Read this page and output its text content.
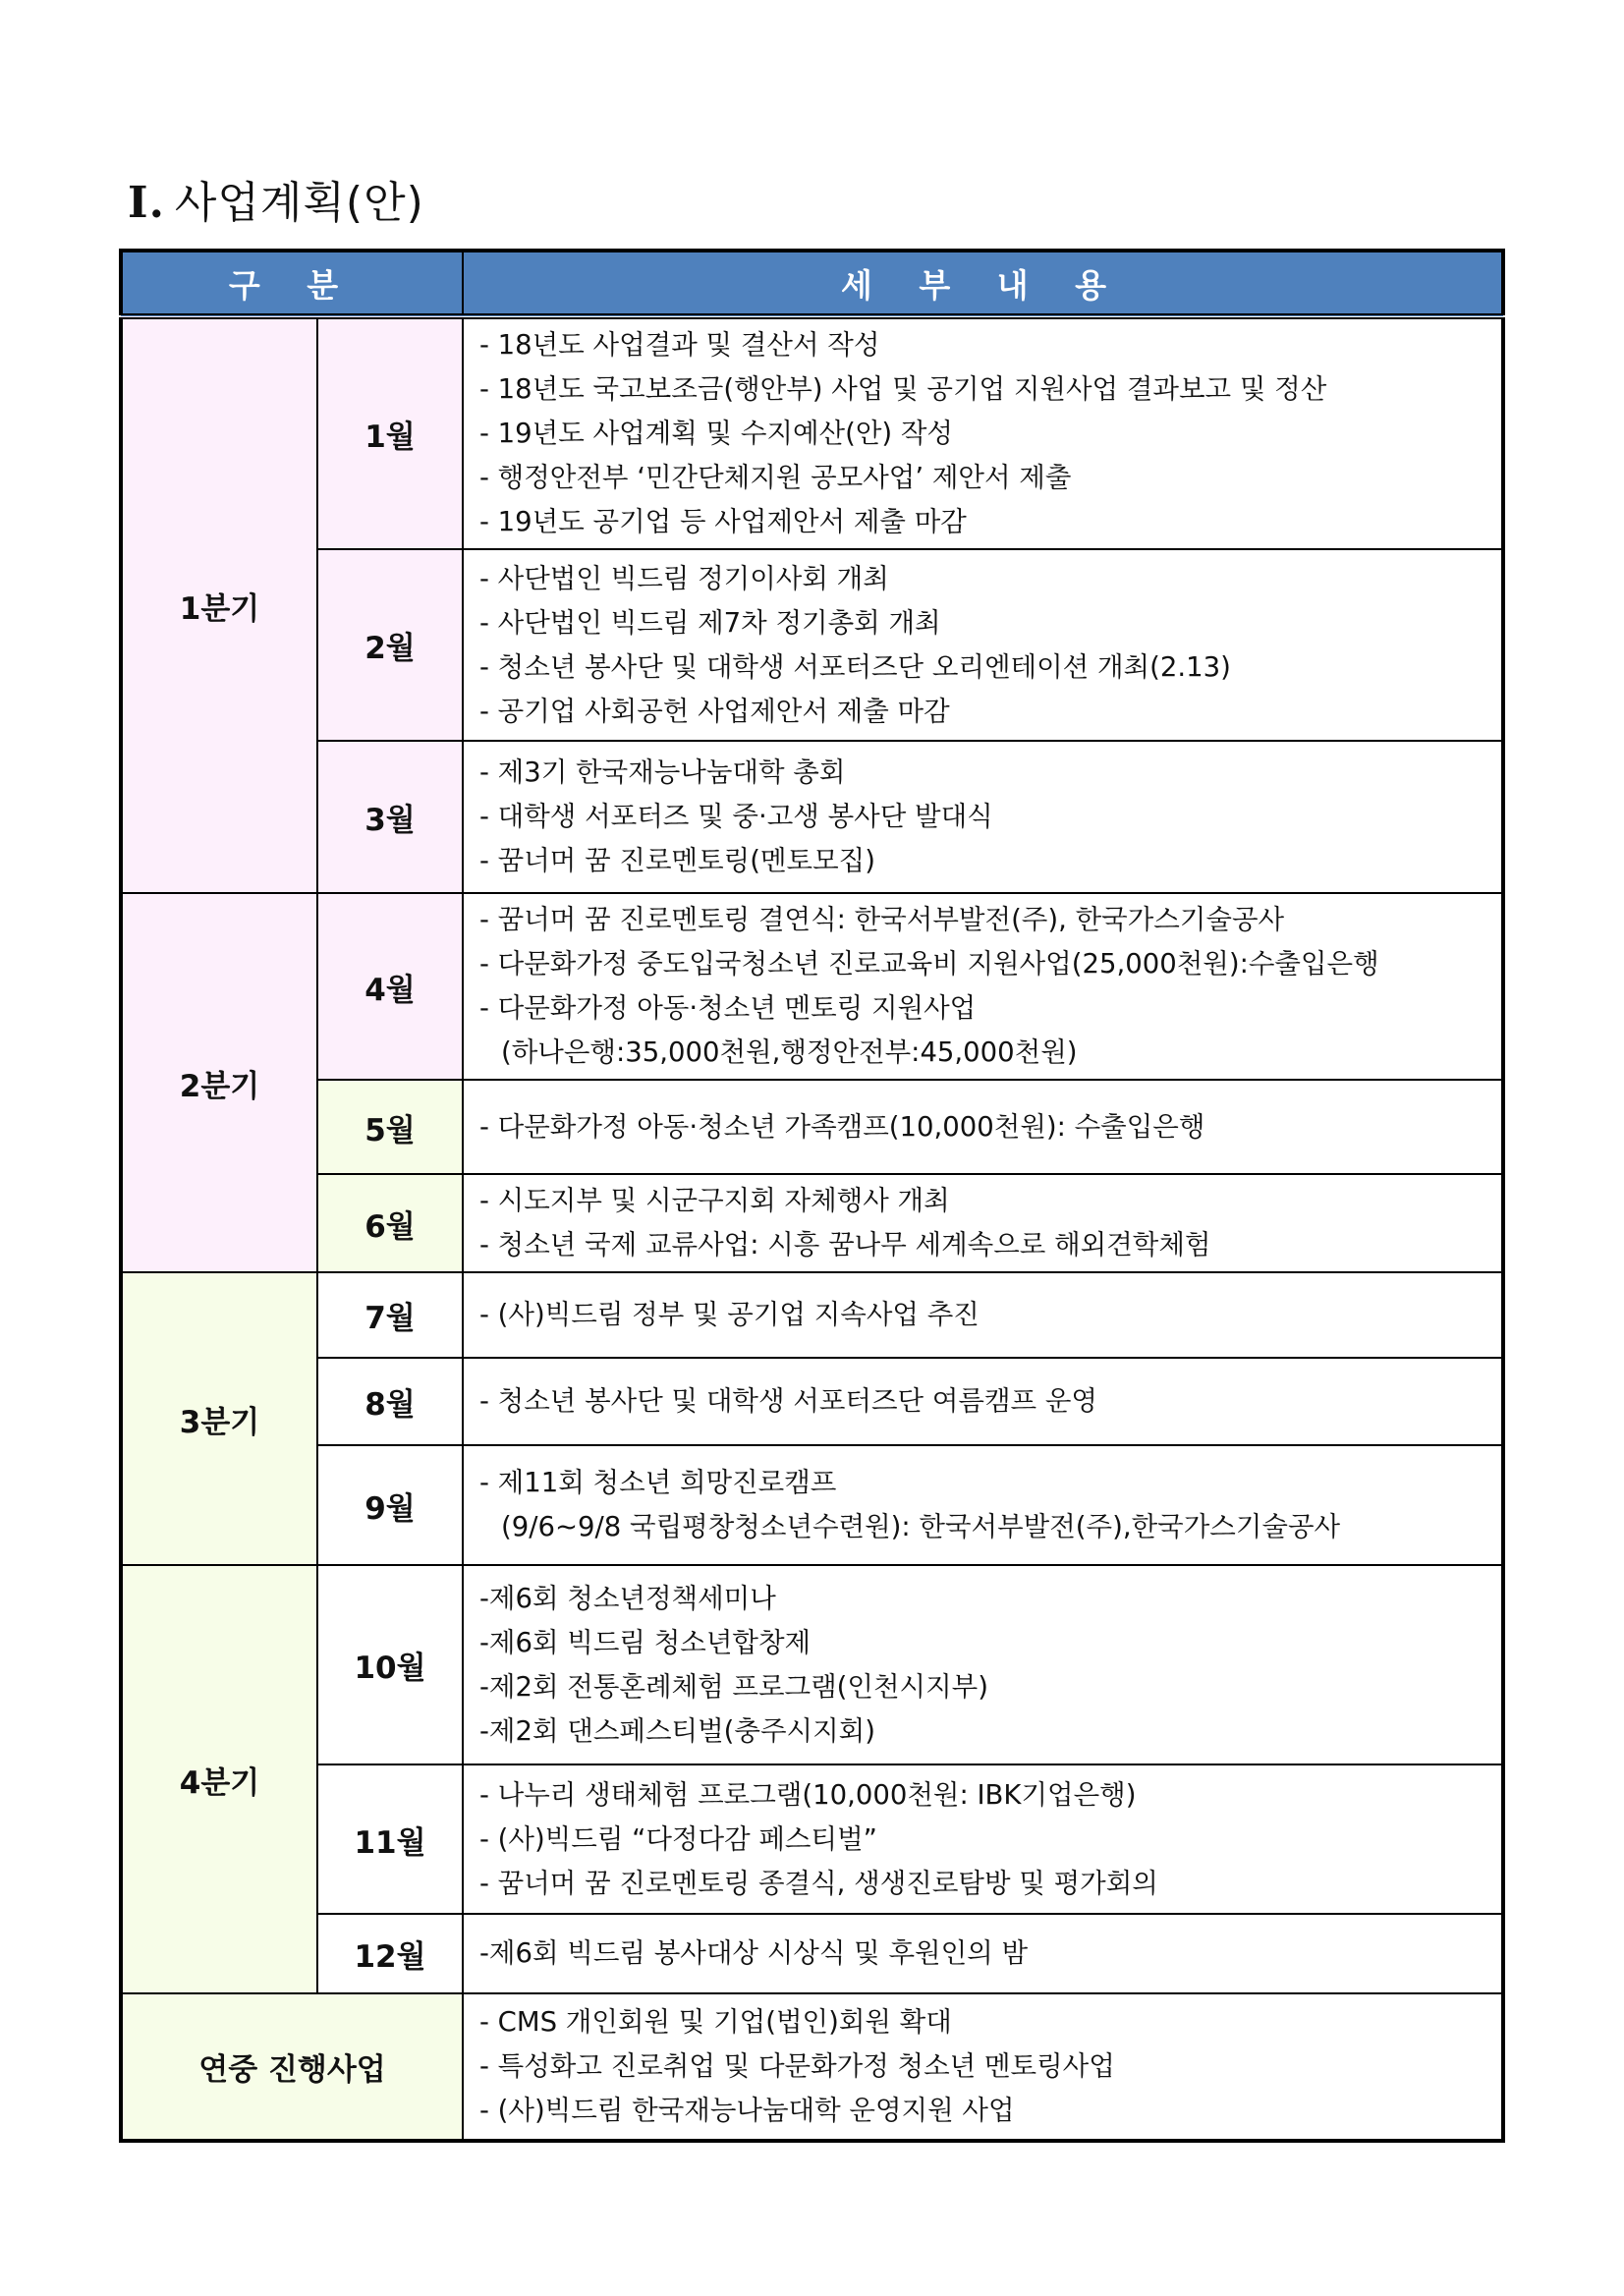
Ⅰ. 사업계획(안)
구 분		세 부 내 용
1분기	1월	- 18년도 사업결과 및 결산서 작성
- 18년도 국고보조금(행안부) 사업 및 공기업 지원사업 결과보고 및 정산
- 19년도 사업계획 및 수지예산(안) 작성
- 행정안전부 ‘민간단체지원 공모사업’ 제안서 제출
- 19년도 공기업 등 사업제안서 제출 마감

	2월	- 사단법인 빅드림 정기이사회 개최
- 사단법인 빅드림 제7차 정기총회 개최
- 청소년 봉사단 및 대학생 서포터즈단 오리엔테이션 개최(2.13)
- 공기업 사회공헌 사업제안서 제출 마감

	3월	- 제3기 한국재능나눔대학 총회
- 대학생 서포터즈 및 중·고생 봉사단 발대식
- 꿈너머 꿈 진로멘토링(멘토모집)

2분기	4월	- 꿈너머 꿈 진로멘토링 결연식: 한국서부발전(주), 한국가스기술공사
- 다문화가정 중도입국청소년 진로교육비 지원사업(25,000천원):수출입은행
- 다문화가정 아동·청소년 멘토링 지원사업
(하나은행:35,000천원,행정안전부:45,000천원)

	5월	- 다문화가정 아동·청소년 가족캠프(10,000천원): 수출입은행

	6월	- 시도지부 및 시군구지회 자체행사 개최
- 청소년 국제 교류사업: 시흥 꿈나무 세계속으로 해외견학체험

3분기	7월	- (사)빅드림 정부 및 공기업 지속사업 추진

	8월	- 청소년 봉사단 및 대학생 서포터즈단 여름캠프 운영

	9월	- 제11회 청소년 희망진로캠프
(9/6~9/8 국립평창청소년수련원): 한국서부발전(주),한국가스기술공사

4분기	10월	-제6회 청소년정책세미나
-제6회 빅드림 청소년합창제
-제2회 전통혼례체험 프로그램(인천시지부)
-제2회 댄스페스티벌(충주시지회)

	11월	- 나누리 생태체험 프로그램(10,000천원: IBK기업은행)
- (사)빅드림 “다정다감 페스티벌”
- 꿈너머 꿈 진로멘토링 종결식, 생생진로탐방 및 평가회의

	12월	-제6회 빅드림 봉사대상 시상식 및 후원인의 밤

연중 진행사업		- CMS 개인회원 및 기업(법인)회원 확대
- 특성화고 진로취업 및 다문화가정 청소년 멘토링사업
- (사)빅드림 한국재능나눔대학 운영지원 사업
